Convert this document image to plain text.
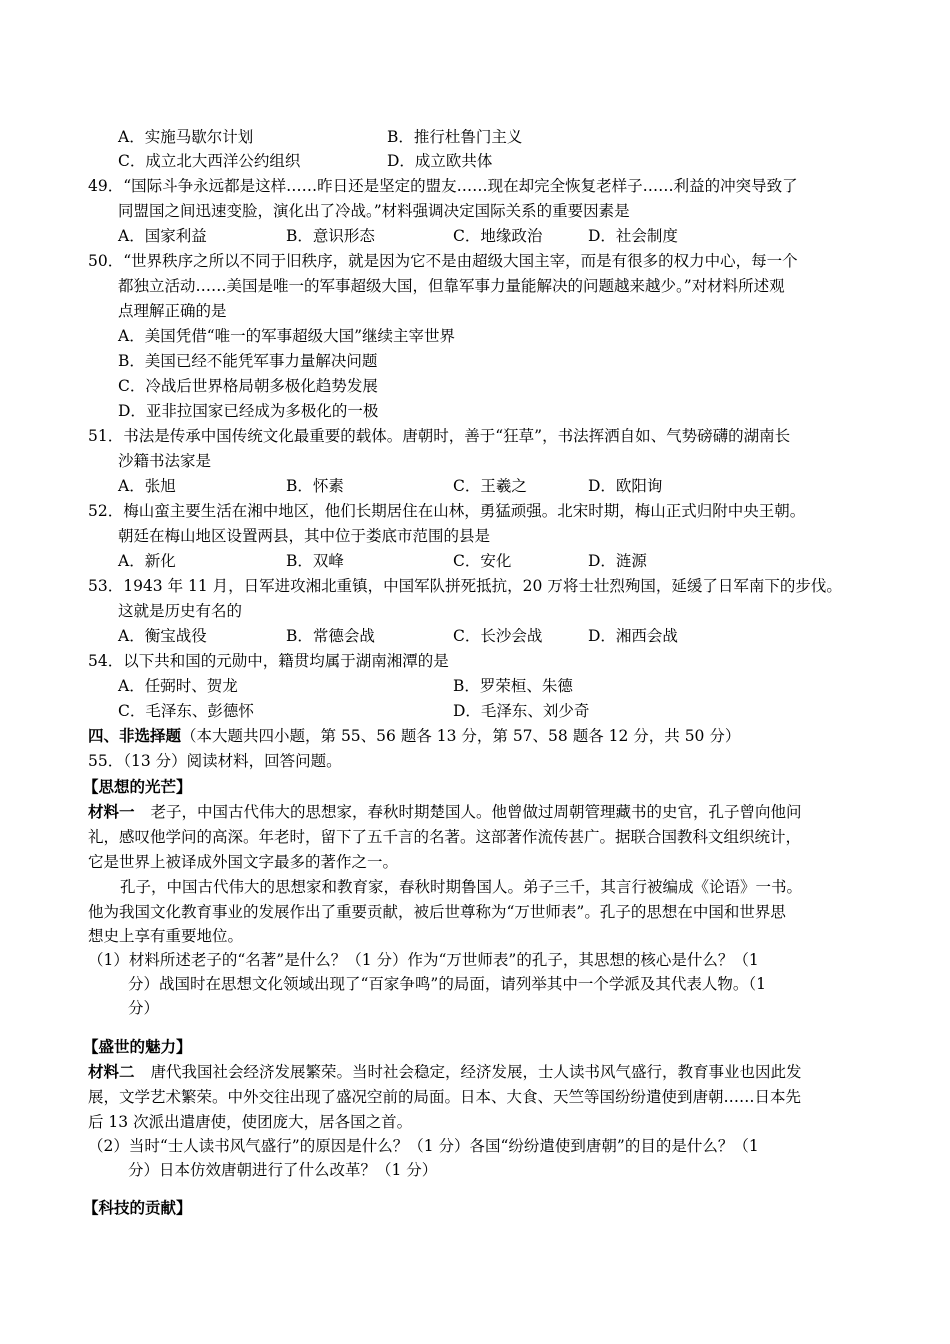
A．实施马歇尔计划	B．推行杜鲁门主义
C．成立北大西洋公约组织	D．成立欧共体
49．“国际斗争永远都是这样……昨日还是坚定的盟友……现在却完全恢复老样子……利益的冲突导致了
同盟国之间迅速变脸，演化出了冷战。”材料强调决定国际关系的重要因素是
A．国家利益	B．意识形态	C．地缘政治	D．社会制度
50．“世界秩序之所以不同于旧秩序，就是因为它不是由超级大国主宰，而是有很多的权力中心，每一个
都独立活动……美国是唯一的军事超级大国，但靠军事力量能解决的问题越来越少。”对材料所述观
点理解正确的是
A．美国凭借“唯一的军事超级大国”继续主宰世界
B．美国已经不能凭军事力量解决问题
C．冷战后世界格局朝多极化趋势发展
D．亚非拉国家已经成为多极化的一极
51．书法是传承中国传统文化最重要的载体。唐朝时，善于“狂草”，书法挥洒自如、气势磅礴的湖南长
沙籍书法家是
A．张旭	B．怀素	C．王羲之	D．欧阳询
52．梅山蛮主要生活在湘中地区，他们长期居住在山林，勇猛顽强。北宋时期，梅山正式归附中央王朝。
朝廷在梅山地区设置两县，其中位于娄底市范围的县是
A．新化	B．双峰	C．安化	D．涟源
53．1943 年 11 月，日军进攻湘北重镇，中国军队拼死抵抗，20 万将士壮烈殉国，延缓了日军南下的步伐。
这就是历史有名的
A．衡宝战役	B．常德会战	C．长沙会战	D．湘西会战
54．以下共和国的元勋中，籍贯均属于湖南湘潭的是
A．任弼时、贺龙	B．罗荣桓、朱德
C．毛泽东、彭德怀	D．毛泽东、刘少奇
四、非选择题（本大题共四小题，第 55、56 题各 13 分，第 57、58 题各 12 分，共 50 分）
55．（13 分）阅读材料，回答问题。
【思想的光芒】
材料一 老子，中国古代伟大的思想家，春秋时期楚国人。他曾做过周朝管理藏书的史官，孔子曾向他问
礼，感叹他学问的高深。年老时，留下了五千言的名著。这部著作流传甚广。据联合国教科文组织统计，
它是世界上被译成外国文字最多的著作之一。
孔子，中国古代伟大的思想家和教育家，春秋时期鲁国人。弟子三千，其言行被编成《论语》一书。
他为我国文化教育事业的发展作出了重要贡献，被后世尊称为“万世师表”。孔子的思想在中国和世界思
想史上享有重要地位。
（1）材料所述老子的“名著”是什么？（1 分）作为“万世师表”的孔子，其思想的核心是什么？（1
分）战国时在思想文化领域出现了“百家争鸣”的局面，请列举其中一个学派及其代表人物。（1
分）
【盛世的魅力】
材料二 唐代我国社会经济发展繁荣。当时社会稳定，经济发展，士人读书风气盛行，教育事业也因此发
展，文学艺术繁荣。中外交往出现了盛况空前的局面。日本、大食、天竺等国纷纷遣使到唐朝……日本先
后 13 次派出遣唐使，使团庞大，居各国之首。
（2）当时“士人读书风气盛行”的原因是什么？（1 分）各国“纷纷遣使到唐朝”的目的是什么？（1
分）日本仿效唐朝进行了什么改革？（1 分）
【科技的贡献】
